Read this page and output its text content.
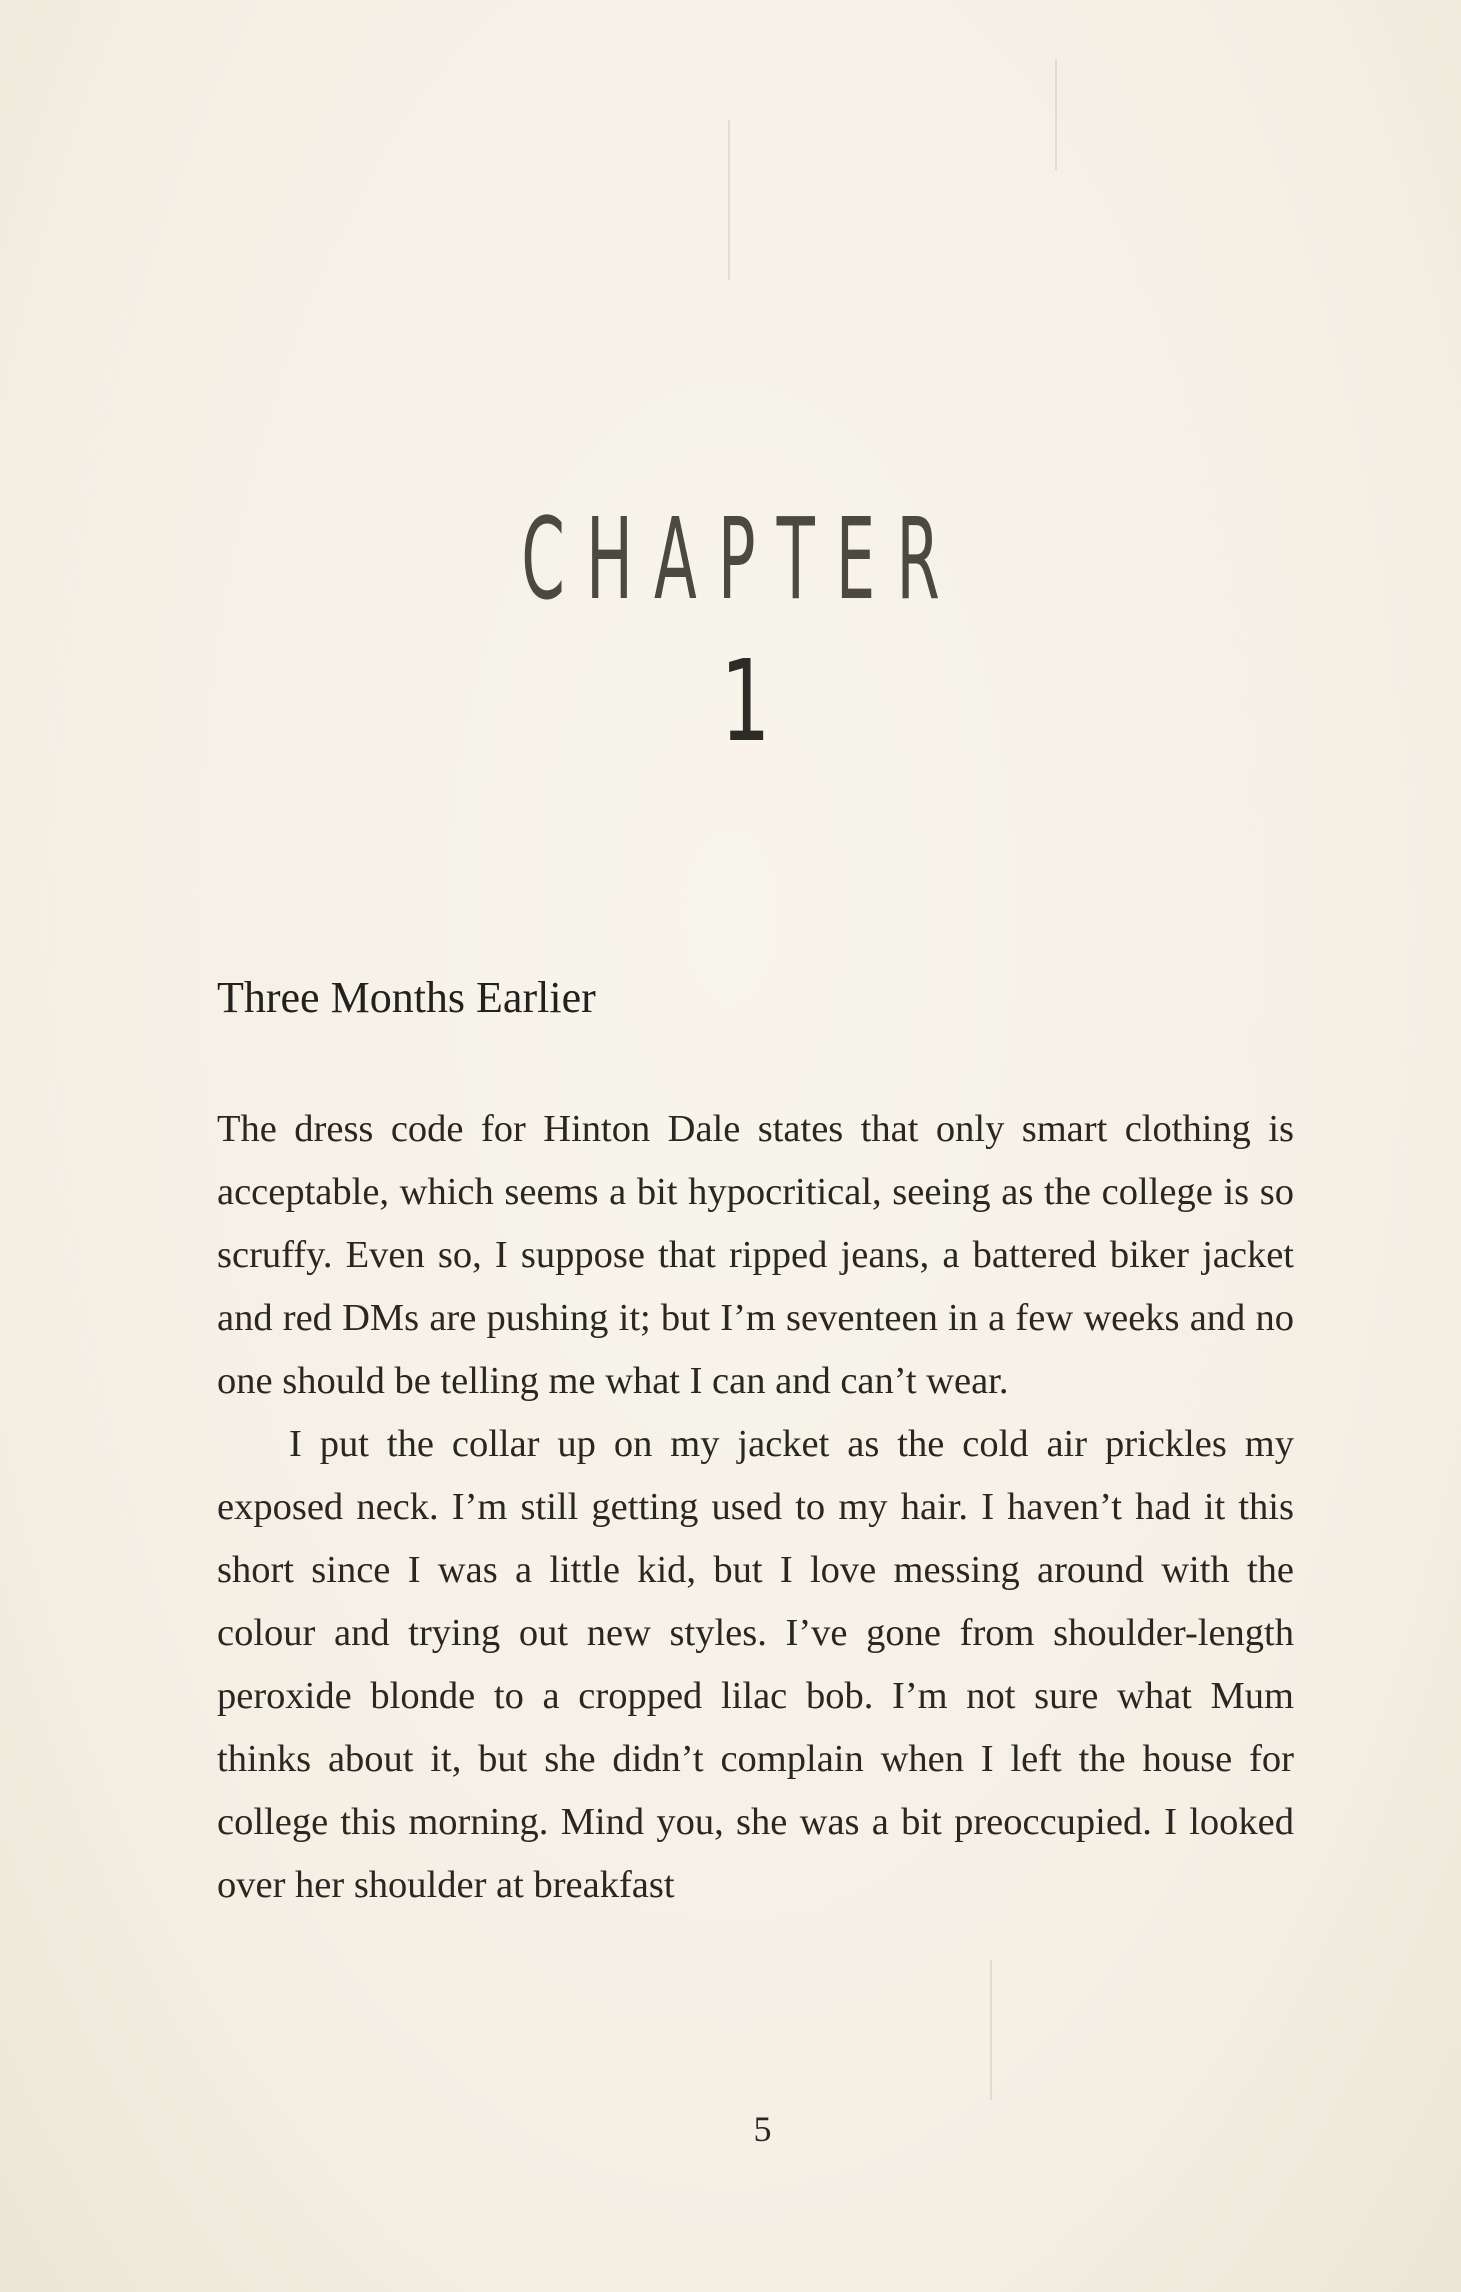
CHAPTER
1
Three Months Earlier

The dress code for Hinton Dale states that only smart clothing is acceptable, which seems a bit hypocritical, seeing as the college is so scruffy. Even so, I suppose that ripped jeans, a battered biker jacket and red DMs are pushing it; but I’m seventeen in a few weeks and no one should be telling me what I can and can’t wear.

I put the collar up on my jacket as the cold air prickles my exposed neck. I’m still getting used to my hair. I haven’t had it this short since I was a little kid, but I love messing around with the colour and trying out new styles. I’ve gone from shoulder-length peroxide blonde to a cropped lilac bob. I’m not sure what Mum thinks about it, but she didn’t complain when I left the house for college this morning. Mind you, she was a bit preoccupied. I looked over her shoulder at breakfast

5
